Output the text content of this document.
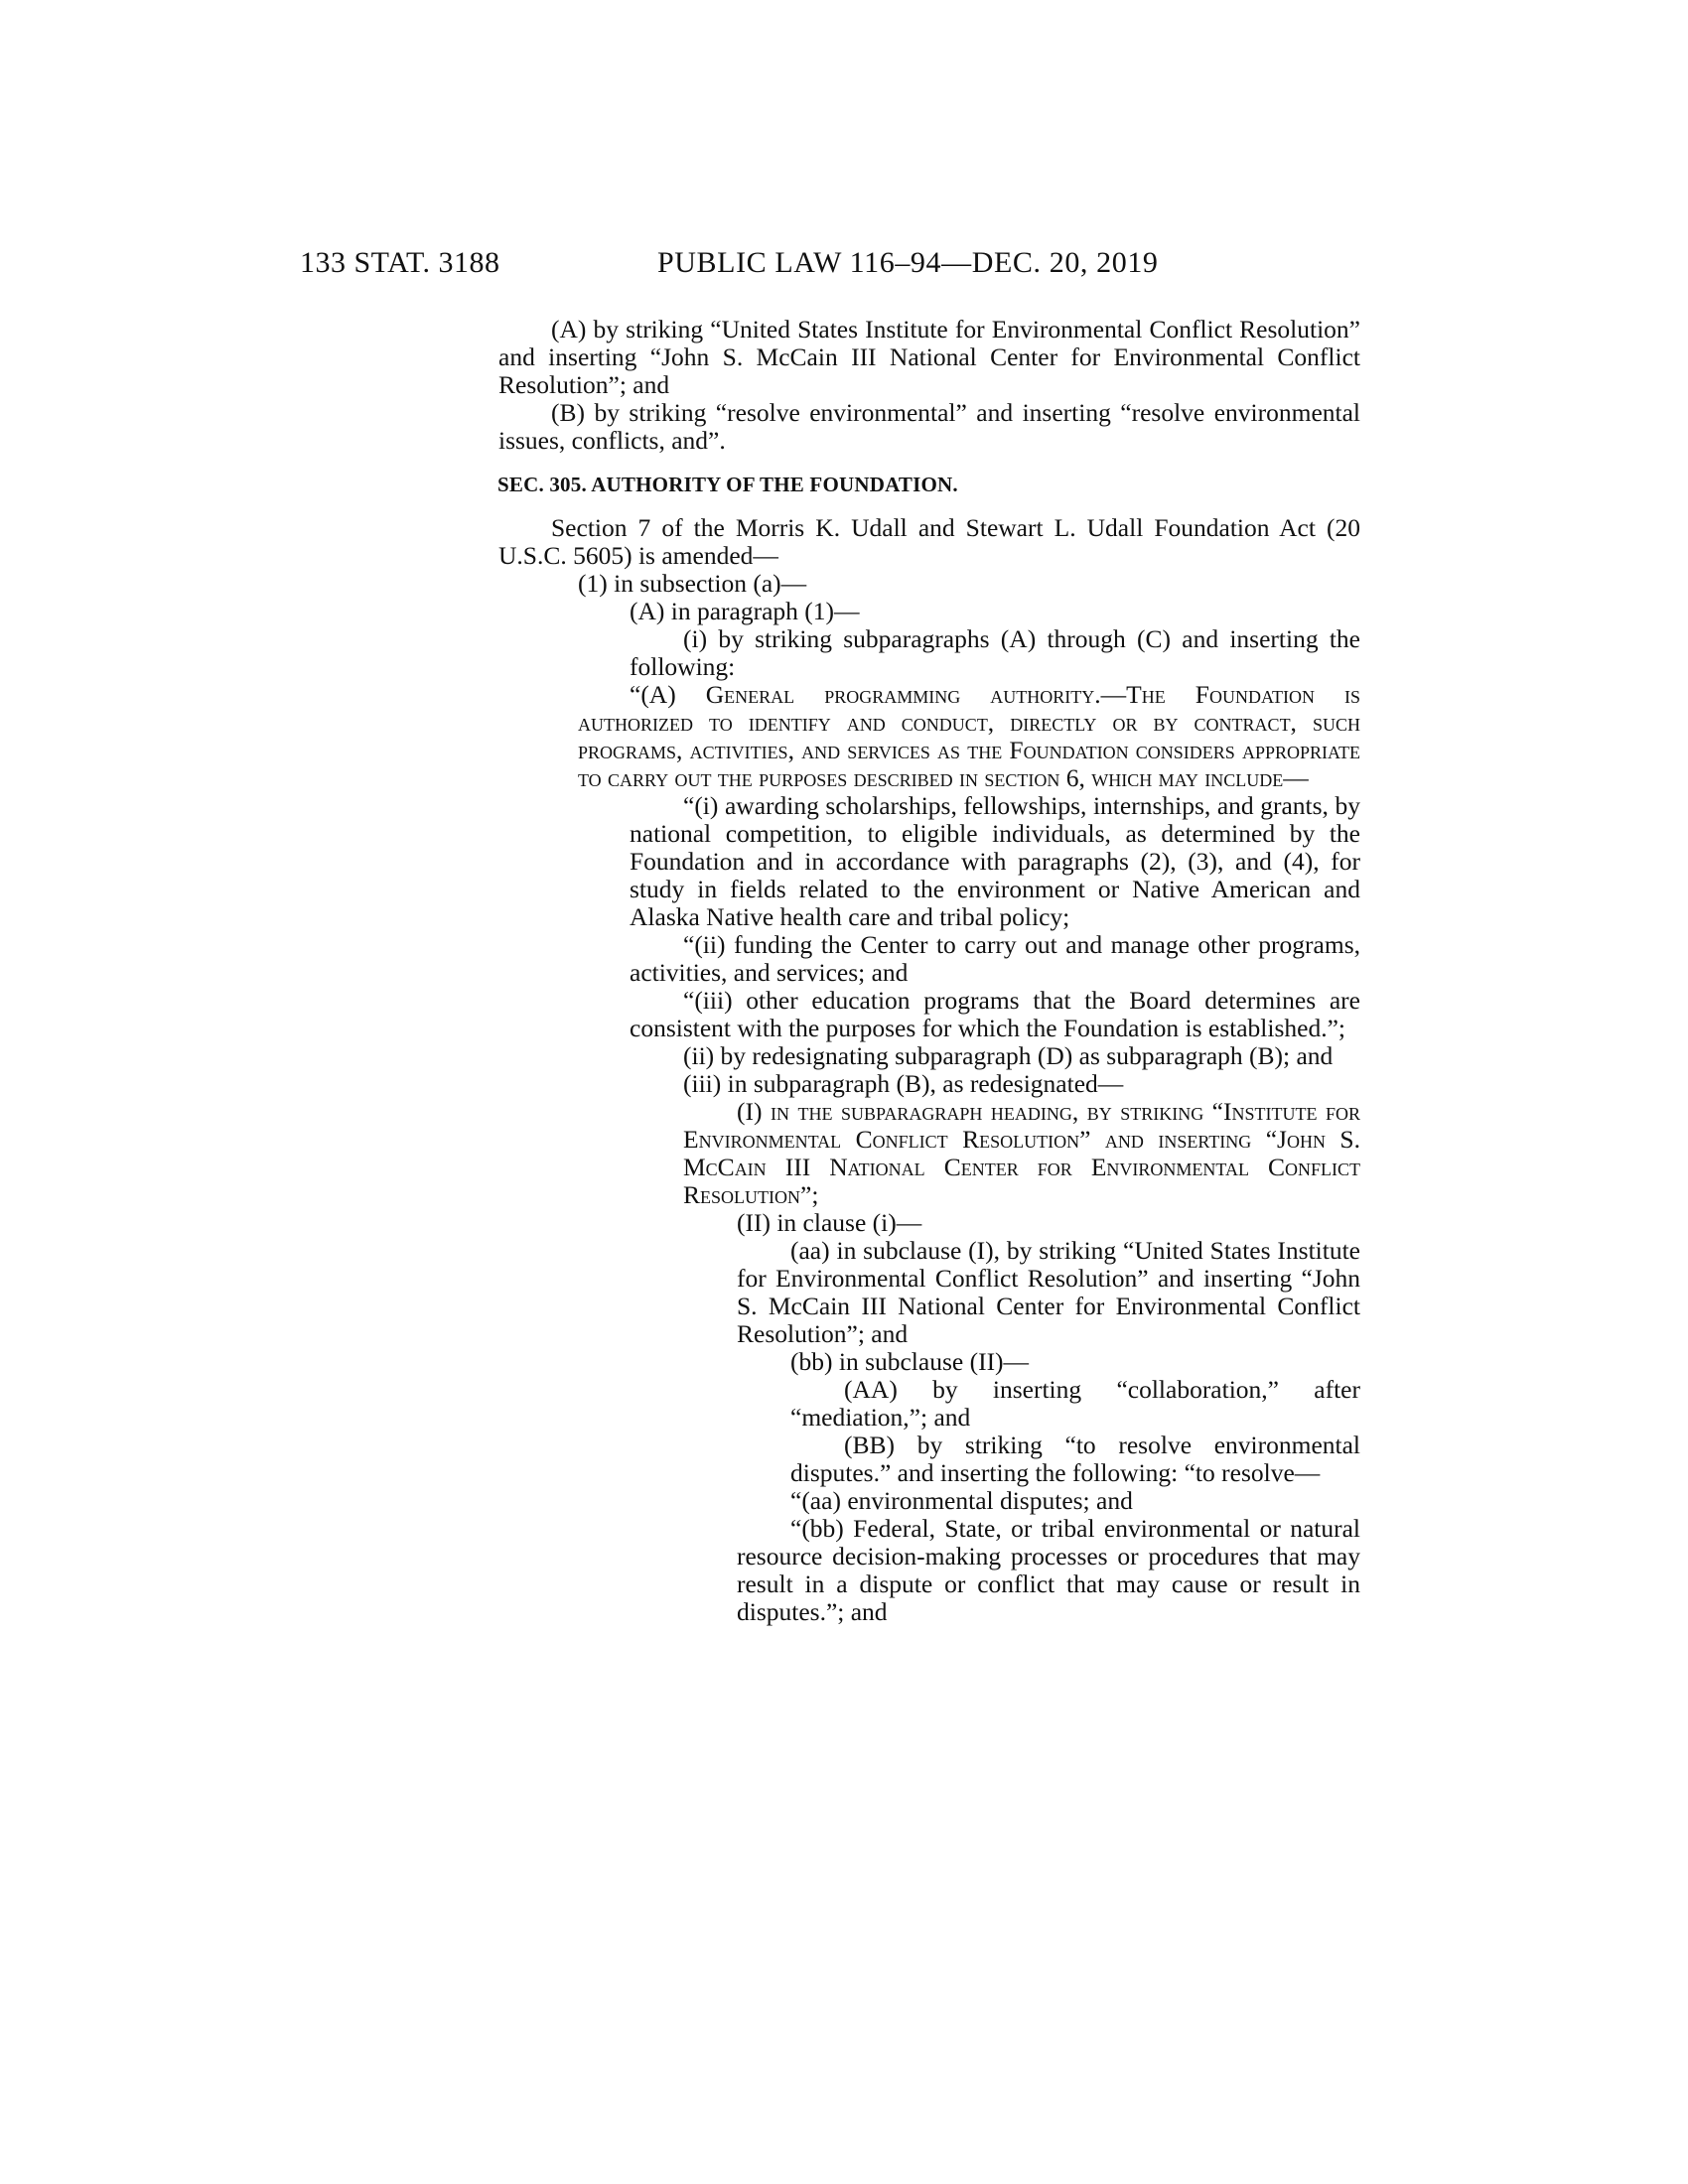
133 STAT. 3188	PUBLIC LAW 116–94—DEC. 20, 2019

(A) by striking “United States Institute for Environmental Conflict Resolution” and inserting “John S. McCain III National Center for Environmental Conflict Resolution”; and

(B) by striking “resolve environmental” and inserting “resolve environmental issues, conflicts, and”.

SEC. 305. AUTHORITY OF THE FOUNDATION.

Section 7 of the Morris K. Udall and Stewart L. Udall Foundation Act (20 U.S.C. 5605) is amended—

(1) in subsection (a)—

(A) in paragraph (1)—

(i) by striking subparagraphs (A) through (C) and inserting the following:

“(A) General programming authority.—The Foundation is authorized to identify and conduct, directly or by contract, such programs, activities, and services as the Foundation considers appropriate to carry out the purposes described in section 6, which may include—

“(i) awarding scholarships, fellowships, internships, and grants, by national competition, to eligible individuals, as determined by the Foundation and in accordance with paragraphs (2), (3), and (4), for study in fields related to the environment or Native American and Alaska Native health care and tribal policy;

“(ii) funding the Center to carry out and manage other programs, activities, and services; and

“(iii) other education programs that the Board determines are consistent with the purposes for which the Foundation is established.”;

(ii) by redesignating subparagraph (D) as subparagraph (B); and

(iii) in subparagraph (B), as redesignated—

(I) in the subparagraph heading, by striking “Institute for Environmental Conflict Resolution” and inserting “John S. McCain III National Center for Environmental Conflict Resolution”;

(II) in clause (i)—

(aa) in subclause (I), by striking “United States Institute for Environmental Conflict Resolution” and inserting “John S. McCain III National Center for Environmental Conflict Resolution”; and

(bb) in subclause (II)—

(AA) by inserting “collaboration,” after “mediation,”; and

(BB) by striking “to resolve environmental disputes.” and inserting the following: “to resolve—

“(aa) environmental disputes; and

“(bb) Federal, State, or tribal environmental or natural resource decision-making processes or procedures that may result in a dispute or conflict that may cause or result in disputes.”; and
